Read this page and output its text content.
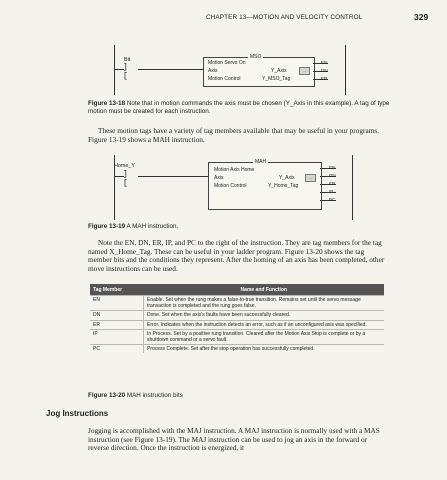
CHAPTER 13—MOTION AND VELOCITY CONTROL	329
Bit
] [
MSO
Motion Servo On
Axis
Motion Control
Y_Axis	...
Y_MSO_Tag
EN
DN
ER
Figure 13-18 Note that in motion commands the axis must be chosen (Y_Axis in this example). A tag of type motion must be created for each instruction.
These motion tags have a variety of tag members available that may be useful in your programs. Figure 13-19 shows a MAH instruction.
Home_Y
] [
MAH
Motion Axis Home
Axis
Motion Control
Y_Axis	...
Y_Home_Tag
EN
DN
ER
IP
PC
Figure 13-19 A MAH instruction.
Note the EN, DN, ER, IP, and PC to the right of the instruction. They are tag members for the tag named X_Home_Tag. These can be useful in your ladder program. Figure 13-20 shows the tag member bits and the conditions they represent. After the homing of an axis has been completed, other move instructions can be used.
Tag Member	Name and Function
EN	Enable. Set when the rung makes a false-to-true transition. Remains set until the servo message transaction is completed and the rung goes false.
DN	Done. Set when the axis's faults have been successfully cleared.
ER	Error. Indicates when the instruction detects an error, such as if an unconfigured axis was specified.
IP	In Process. Set by a positive rung transition. Cleared after the Motion Axis Stop is complete or by a shutdown command or a servo fault.
PC	Process Complete. Set after the stop operation has successfully completed.
Figure 13-20 MAH instruction bits
Jog Instructions
Jogging is accomplished with the MAJ instruction. A MAJ instruction is normally used with a MAS instruction (see Figure 13-19). The MAJ instruction can be used to jog an axis in the forward or reverse direction. Once the instruction is energized, it
